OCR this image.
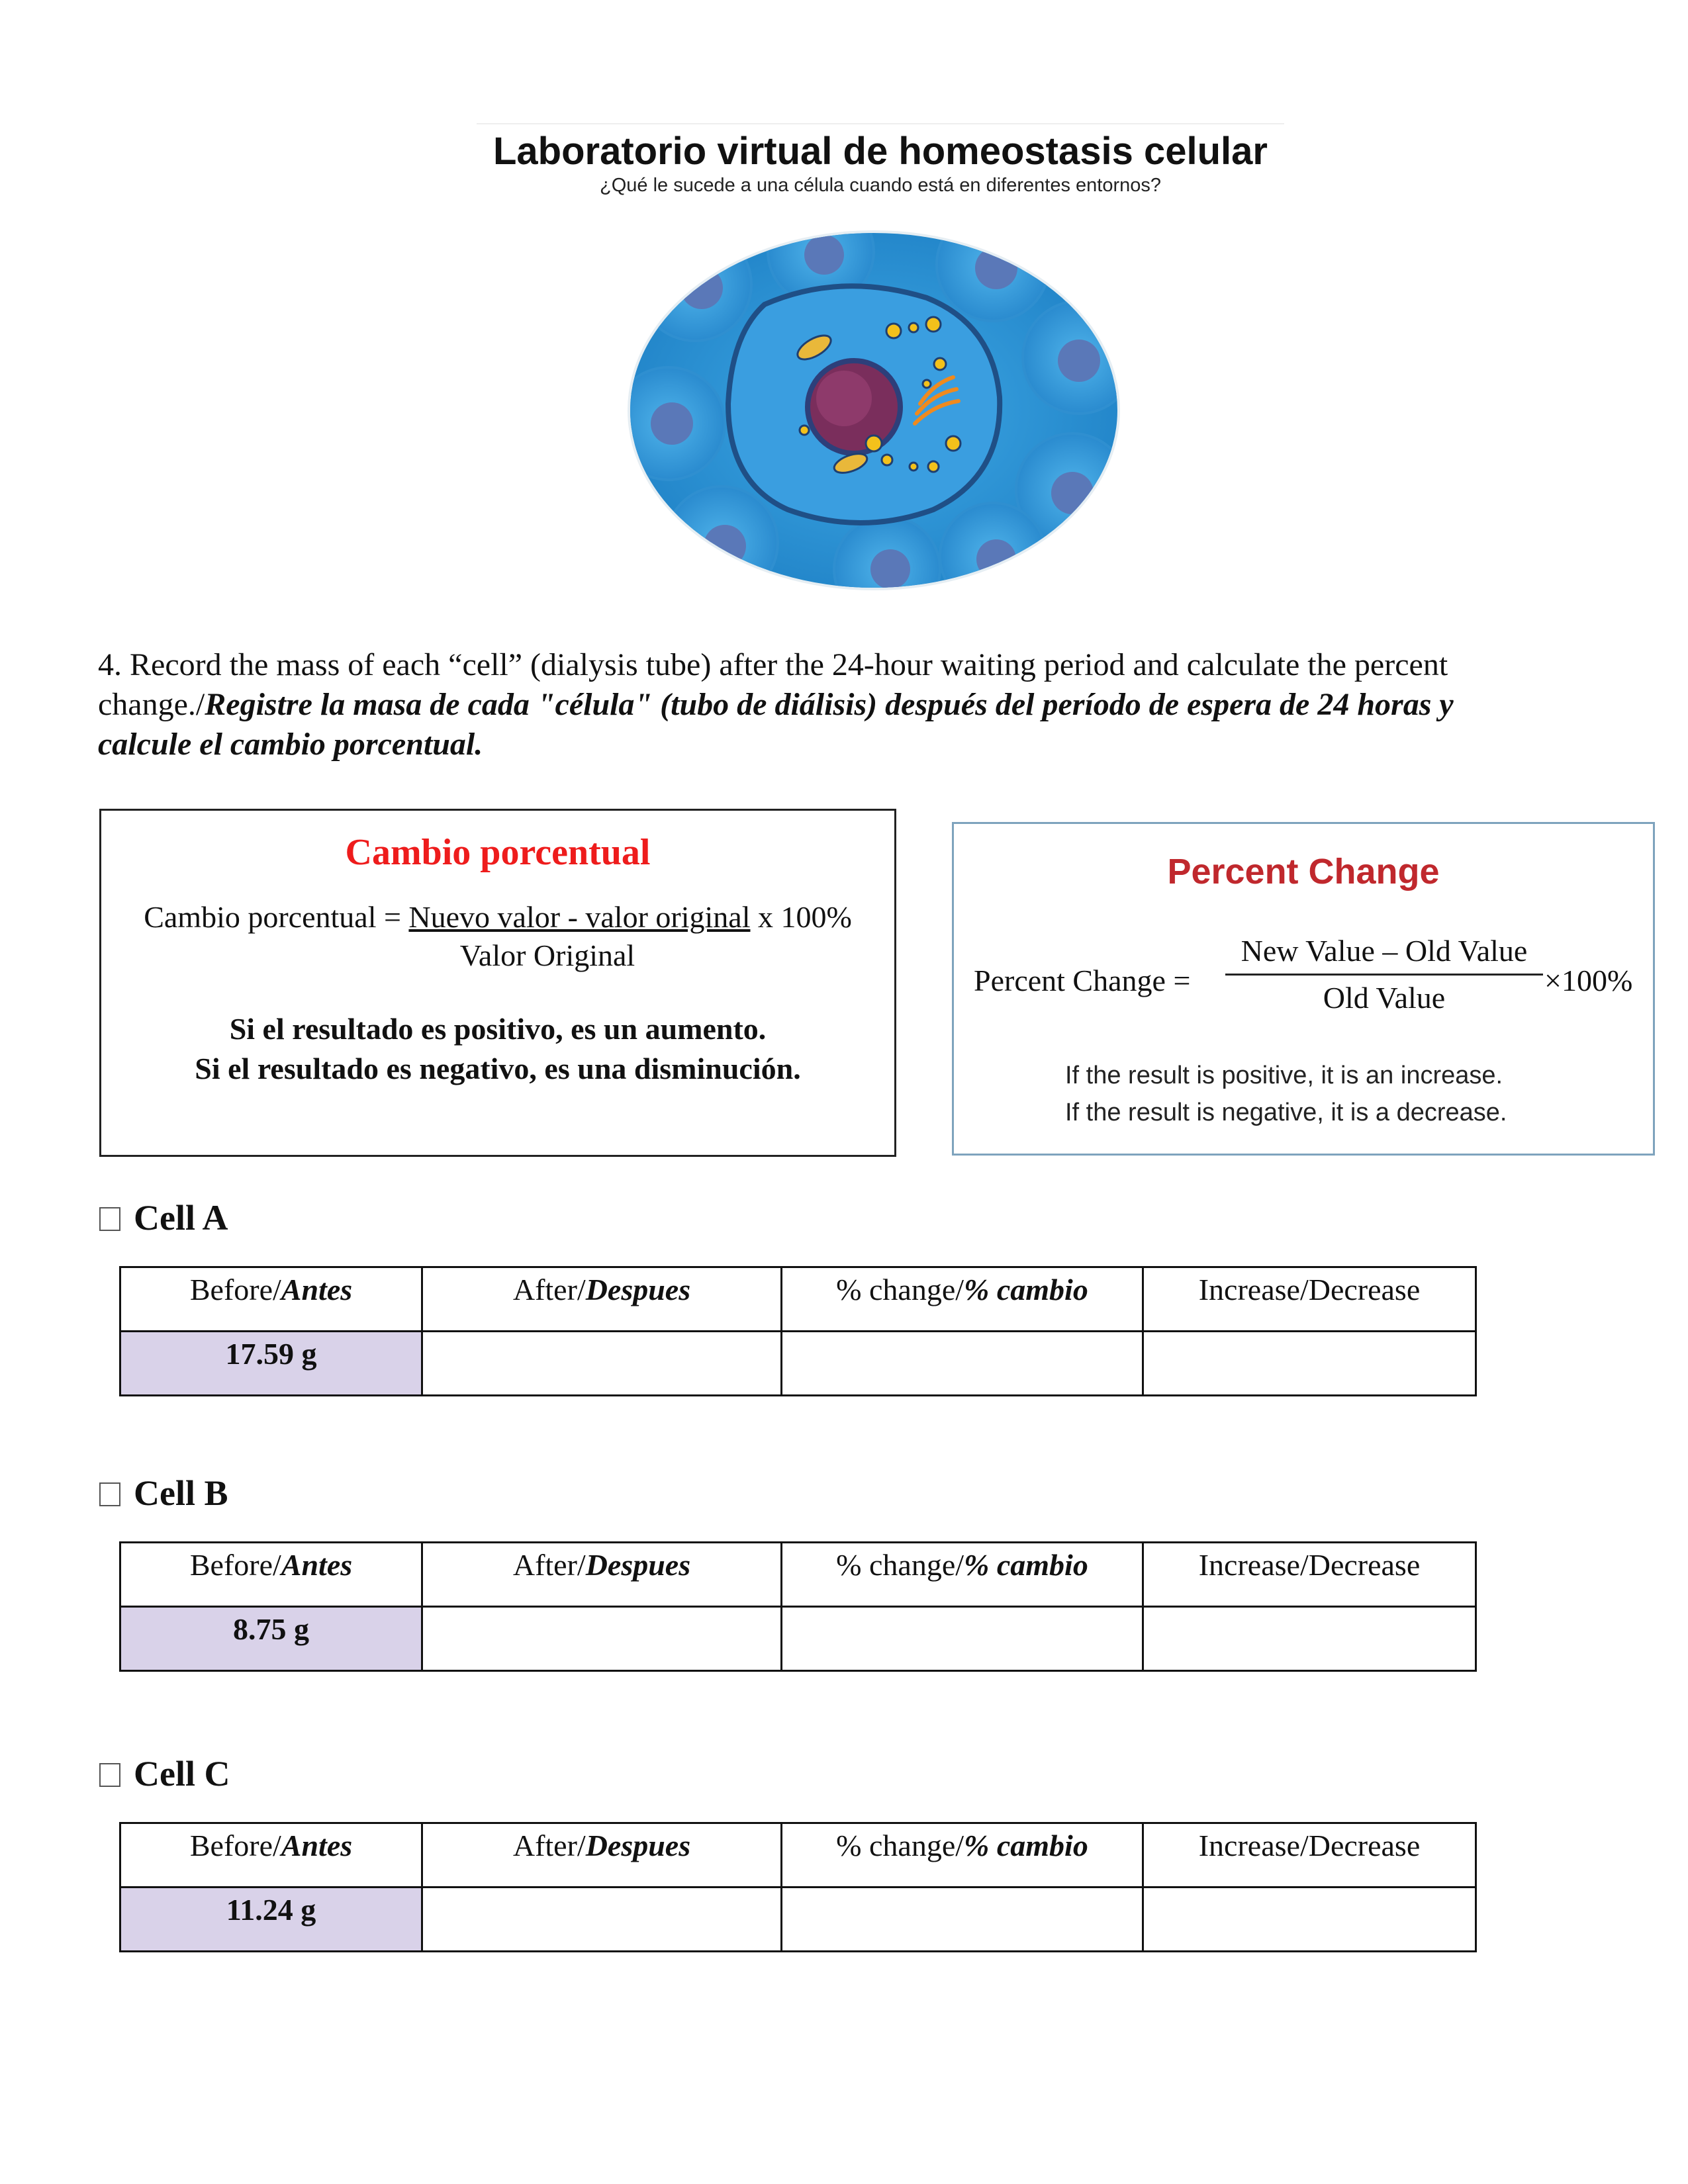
Laboratorio virtual de homeostasis celular
¿Qué le sucede a una célula cuando está en diferentes entornos?
4. Record the mass of each “cell” (dialysis tube) after the 24-hour waiting period and calculate the percent change./Registre la masa de cada "célula" (tubo de diálisis) después del período de espera de 24 horas y calcule el cambio porcentual.
Cambio porcentual
Cambio porcentual = Nuevo valor - valor original x 100%
Valor Original
Si el resultado es positivo, es un aumento.
Si el resultado es negativo, es una disminución.
Percent Change
Percent Change =
New Value – Old Value
Old Value
×100%
If the result is positive, it is an increase.
If the result is negative, it is a decrease.
Cell A
Before/Antes	After/Despues	% change/% cambio	Increase/Decrease
17.59 g			
Cell B
Before/Antes	After/Despues	% change/% cambio	Increase/Decrease
8.75 g			
Cell C
Before/Antes	After/Despues	% change/% cambio	Increase/Decrease
11.24 g			
